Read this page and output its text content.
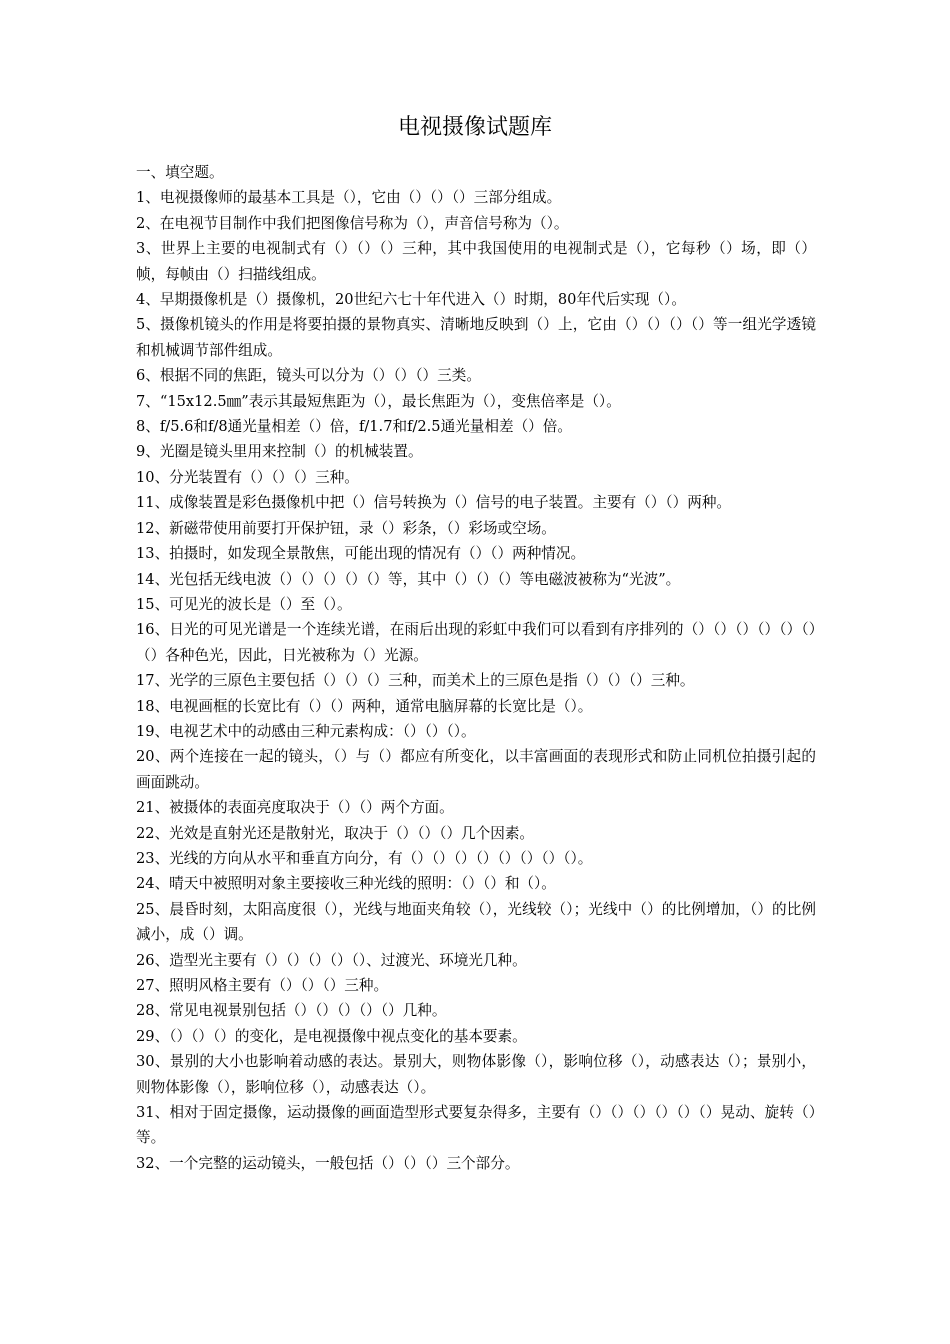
电视摄像试题库

一、填空题。

1、电视摄像师的最基本工具是（），它由（）（）（）三部分组成。

2、在电视节目制作中我们把图像信号称为（），声音信号称为（）。

3、世界上主要的电视制式有（）（）（）三种，其中我国使用的电视制式是（），它每秒（）场，即（）帧，每帧由（）扫描线组成。

4、早期摄像机是（）摄像机，20世纪六七十年代进入（）时期，80年代后实现（）。

5、摄像机镜头的作用是将要拍摄的景物真实、清晰地反映到（）上，它由（）（）（）（）等一组光学透镜和机械调节部件组成。

6、根据不同的焦距，镜头可以分为（）（）（）三类。

7、“15x12.5㎜”表示其最短焦距为（），最长焦距为（），变焦倍率是（）。

8、f/5.6和f/8通光量相差（）倍，f/1.7和f/2.5通光量相差（）倍。

9、光圈是镜头里用来控制（）的机械装置。

10、分光装置有（）（）（）三种。

11、成像装置是彩色摄像机中把（）信号转换为（）信号的电子装置。主要有（）（）两种。

12、新磁带使用前要打开保护钮，录（）彩条，（）彩场或空场。

13、拍摄时，如发现全景散焦，可能出现的情况有（）（）两种情况。

14、光包括无线电波（）（）（）（）（）等，其中（）（）（）等电磁波被称为“光波”。

15、可见光的波长是（）至（）。

16、日光的可见光谱是一个连续光谱，在雨后出现的彩虹中我们可以看到有序排列的（）（）（）（）（）（）（）各种色光，因此，日光被称为（）光源。

17、光学的三原色主要包括（）（）（）三种，而美术上的三原色是指（）（）（）三种。

18、电视画框的长宽比有（）（）两种，通常电脑屏幕的长宽比是（）。

19、电视艺术中的动感由三种元素构成：（）（）（）。

20、两个连接在一起的镜头，（）与（）都应有所变化，以丰富画面的表现形式和防止同机位拍摄引起的画面跳动。

21、被摄体的表面亮度取决于（）（）两个方面。

22、光效是直射光还是散射光，取决于（）（）（）几个因素。

23、光线的方向从水平和垂直方向分，有（）（）（）（）（）（）（）（）。

24、晴天中被照明对象主要接收三种光线的照明：（）（）和（）。

25、晨昏时刻，太阳高度很（），光线与地面夹角较（），光线较（）；光线中（）的比例增加，（）的比例减小，成（）调。

26、造型光主要有（）（）（）（）（）、过渡光、环境光几种。

27、照明风格主要有（）（）（）三种。

28、常见电视景别包括（）（）（）（）（）几种。

29、（）（）（）的变化，是电视摄像中视点变化的基本要素。

30、景别的大小也影响着动感的表达。景别大，则物体影像（），影响位移（），动感表达（）；景别小，则物体影像（），影响位移（），动感表达（）。

31、相对于固定摄像，运动摄像的画面造型形式要复杂得多，主要有（）（）（）（）（）（）晃动、旋转（）等。

32、一个完整的运动镜头，一般包括（）（）（）三个部分。
